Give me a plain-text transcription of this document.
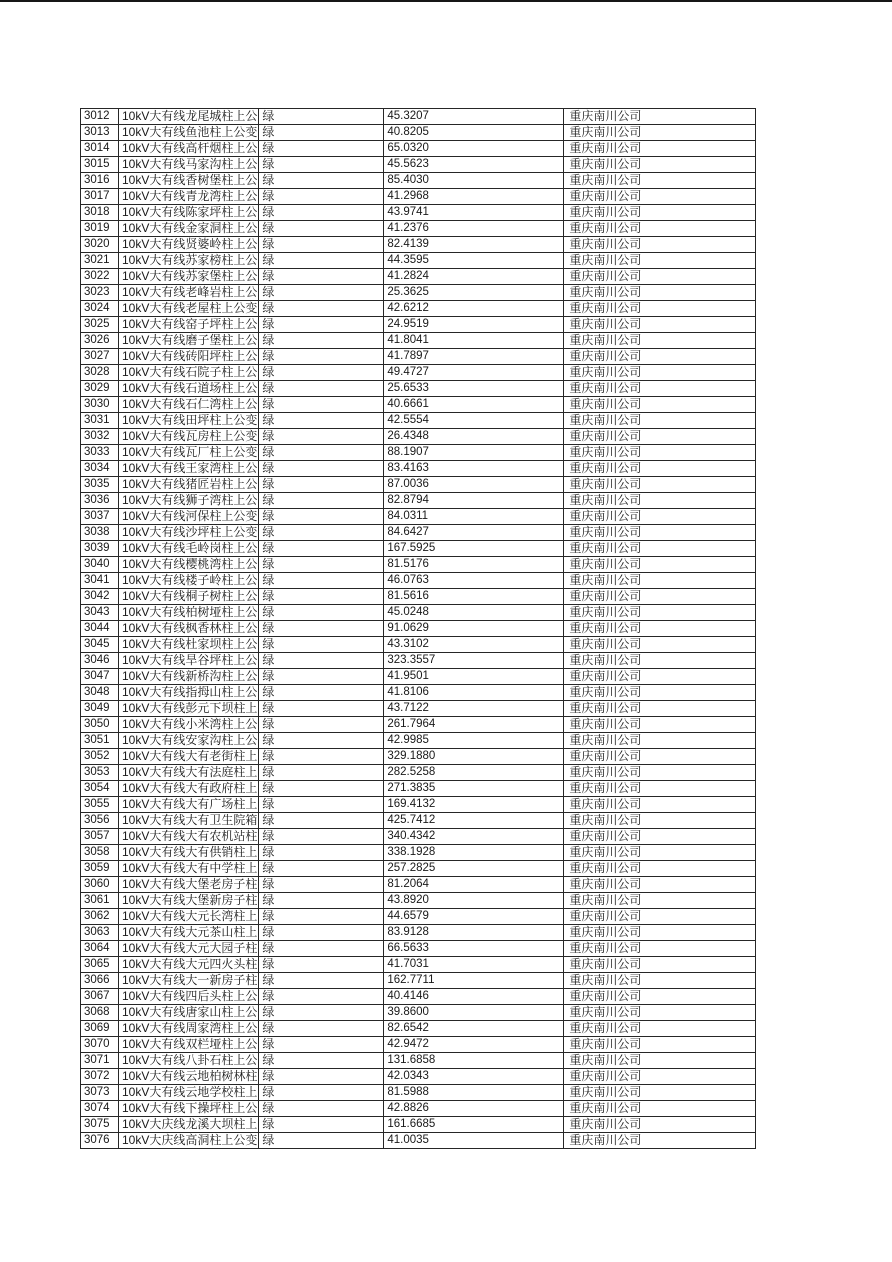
3012	10kV大有线龙尾城柱上公	绿	45.3207	重庆南川公司
3013	10kV大有线鱼池柱上公变	绿	40.8205	重庆南川公司
3014	10kV大有线高杆烟柱上公	绿	65.0320	重庆南川公司
3015	10kV大有线马家沟柱上公	绿	45.5623	重庆南川公司
3016	10kV大有线香树堡柱上公	绿	85.4030	重庆南川公司
3017	10kV大有线青龙湾柱上公	绿	41.2968	重庆南川公司
3018	10kV大有线陈家坪柱上公	绿	43.9741	重庆南川公司
3019	10kV大有线金家洞柱上公	绿	41.2376	重庆南川公司
3020	10kV大有线贤婆岭柱上公	绿	82.4139	重庆南川公司
3021	10kV大有线苏家榜柱上公	绿	44.3595	重庆南川公司
3022	10kV大有线苏家堡柱上公	绿	41.2824	重庆南川公司
3023	10kV大有线老峰岩柱上公	绿	25.3625	重庆南川公司
3024	10kV大有线老屋柱上公变	绿	42.6212	重庆南川公司
3025	10kV大有线窑子坪柱上公	绿	24.9519	重庆南川公司
3026	10kV大有线磨子堡柱上公	绿	41.8041	重庆南川公司
3027	10kV大有线砖阳坪柱上公	绿	41.7897	重庆南川公司
3028	10kV大有线石院子柱上公	绿	49.4727	重庆南川公司
3029	10kV大有线石道场柱上公	绿	25.6533	重庆南川公司
3030	10kV大有线石仁湾柱上公	绿	40.6661	重庆南川公司
3031	10kV大有线田坪柱上公变	绿	42.5554	重庆南川公司
3032	10kV大有线瓦房柱上公变	绿	26.4348	重庆南川公司
3033	10kV大有线瓦厂柱上公变	绿	88.1907	重庆南川公司
3034	10kV大有线王家湾柱上公	绿	83.4163	重庆南川公司
3035	10kV大有线猪匠岩柱上公	绿	87.0036	重庆南川公司
3036	10kV大有线狮子湾柱上公	绿	82.8794	重庆南川公司
3037	10kV大有线河保柱上公变	绿	84.0311	重庆南川公司
3038	10kV大有线沙坪柱上公变	绿	84.6427	重庆南川公司
3039	10kV大有线毛岭岗柱上公	绿	167.5925	重庆南川公司
3040	10kV大有线樱桃湾柱上公	绿	81.5176	重庆南川公司
3041	10kV大有线楼子岭柱上公	绿	46.0763	重庆南川公司
3042	10kV大有线桐子树柱上公	绿	81.5616	重庆南川公司
3043	10kV大有线柏树垭柱上公	绿	45.0248	重庆南川公司
3044	10kV大有线枫香林柱上公	绿	91.0629	重庆南川公司
3045	10kV大有线杜家坝柱上公	绿	43.3102	重庆南川公司
3046	10kV大有线旱谷坪柱上公	绿	323.3557	重庆南川公司
3047	10kV大有线新桥沟柱上公	绿	41.9501	重庆南川公司
3048	10kV大有线指拇山柱上公	绿	41.8106	重庆南川公司
3049	10kV大有线彭元下坝柱上	绿	43.7122	重庆南川公司
3050	10kV大有线小米湾柱上公	绿	261.7964	重庆南川公司
3051	10kV大有线安家沟柱上公	绿	42.9985	重庆南川公司
3052	10kV大有线大有老街柱上	绿	329.1880	重庆南川公司
3053	10kV大有线大有法庭柱上	绿	282.5258	重庆南川公司
3054	10kV大有线大有政府柱上	绿	271.3835	重庆南川公司
3055	10kV大有线大有广场柱上	绿	169.4132	重庆南川公司
3056	10kV大有线大有卫生院箱	绿	425.7412	重庆南川公司
3057	10kV大有线大有农机站柱	绿	340.4342	重庆南川公司
3058	10kV大有线大有供销柱上	绿	338.1928	重庆南川公司
3059	10kV大有线大有中学柱上	绿	257.2825	重庆南川公司
3060	10kV大有线大堡老房子柱	绿	81.2064	重庆南川公司
3061	10kV大有线大堡新房子柱	绿	43.8920	重庆南川公司
3062	10kV大有线大元长湾柱上	绿	44.6579	重庆南川公司
3063	10kV大有线大元茶山柱上	绿	83.9128	重庆南川公司
3064	10kV大有线大元大园子柱	绿	66.5633	重庆南川公司
3065	10kV大有线大元四火头柱	绿	41.7031	重庆南川公司
3066	10kV大有线大一新房子柱	绿	162.7711	重庆南川公司
3067	10kV大有线四后头柱上公	绿	40.4146	重庆南川公司
3068	10kV大有线唐家山柱上公	绿	39.8600	重庆南川公司
3069	10kV大有线周家湾柱上公	绿	82.6542	重庆南川公司
3070	10kV大有线双栏垭柱上公	绿	42.9472	重庆南川公司
3071	10kV大有线八卦石柱上公	绿	131.6858	重庆南川公司
3072	10kV大有线云地柏树林柱	绿	42.0343	重庆南川公司
3073	10kV大有线云地学校柱上	绿	81.5988	重庆南川公司
3074	10kV大有线下操坪柱上公	绿	42.8826	重庆南川公司
3075	10kV大庆线龙溪大坝柱上	绿	161.6685	重庆南川公司
3076	10kV大庆线高洞柱上公变	绿	41.0035	重庆南川公司
